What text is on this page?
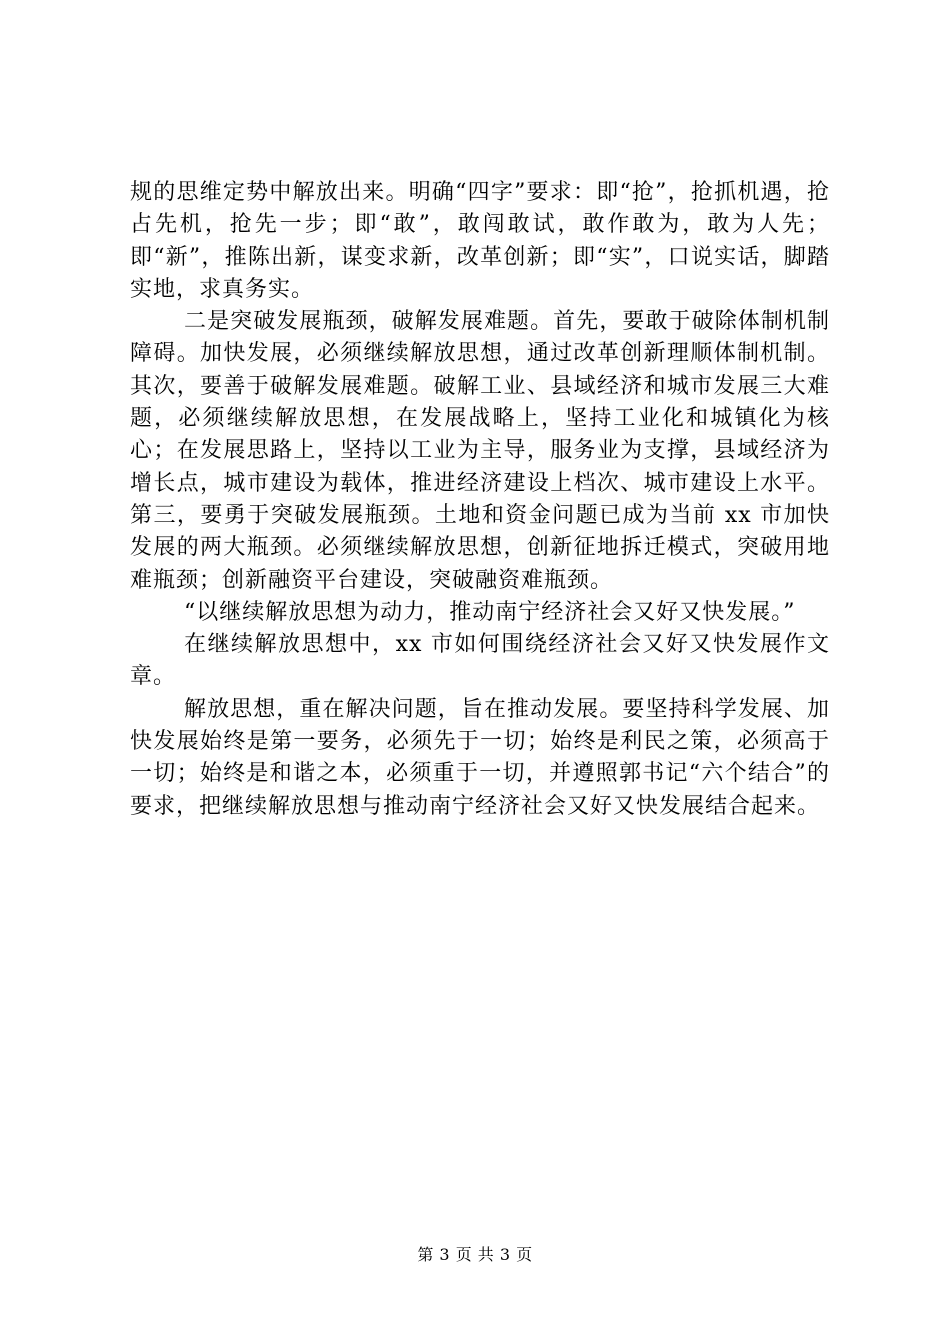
规的思维定势中解放出来。明确“四字”要求：即“抢”，抢抓机遇，抢占先机，抢先一步；即“敢”，敢闯敢试，敢作敢为，敢为人先；即“新”，推陈出新，谋变求新，改革创新；即“实”，口说实话，脚踏实地，求真务实。

二是突破发展瓶颈，破解发展难题。首先，要敢于破除体制机制障碍。加快发展，必须继续解放思想，通过改革创新理顺体制机制。其次，要善于破解发展难题。破解工业、县域经济和城市发展三大难题，必须继续解放思想，在发展战略上，坚持工业化和城镇化为核心；在发展思路上，坚持以工业为主导，服务业为支撑，县域经济为增长点，城市建设为载体，推进经济建设上档次、城市建设上水平。第三，要勇于突破发展瓶颈。土地和资金问题已成为当前 xx 市加快发展的两大瓶颈。必须继续解放思想，创新征地拆迁模式，突破用地难瓶颈；创新融资平台建设，突破融资难瓶颈。

“以继续解放思想为动力，推动南宁经济社会又好又快发展。”

在继续解放思想中，xx 市如何围绕经济社会又好又快发展作文章。

解放思想，重在解决问题，旨在推动发展。要坚持科学发展、加快发展始终是第一要务，必须先于一切；始终是利民之策，必须高于一切；始终是和谐之本，必须重于一切，并遵照郭书记“六个结合”的要求，把继续解放思想与推动南宁经济社会又好又快发展结合起来。

第 3 页 共 3 页
